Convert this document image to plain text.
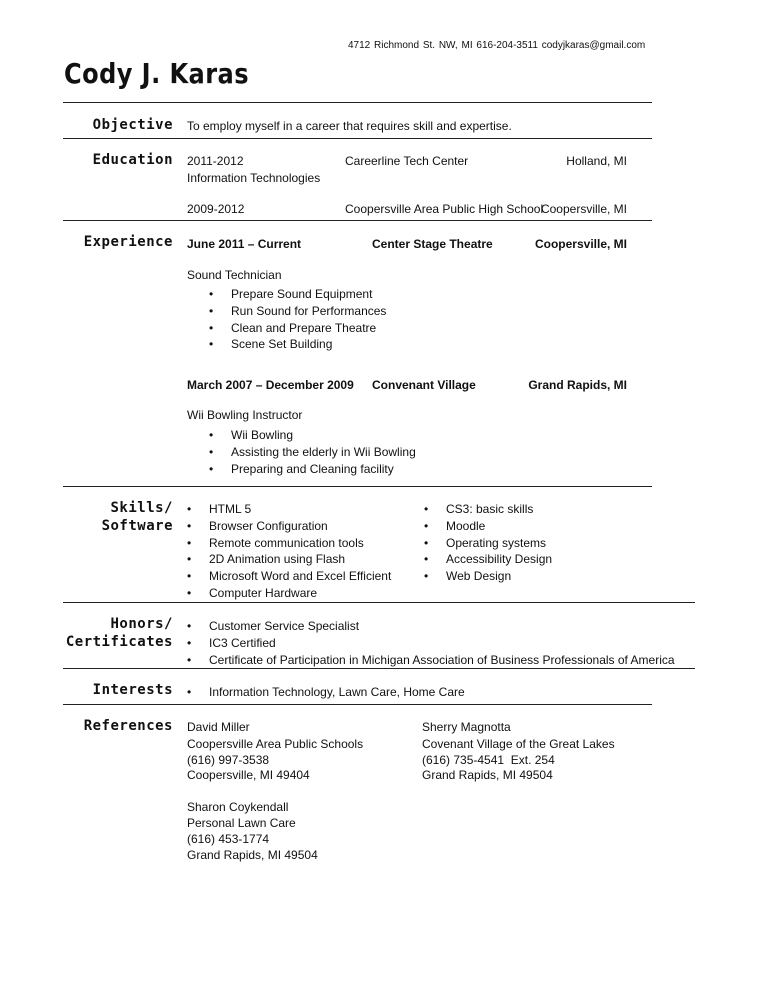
4712 Richmond St. NW, MI 616-204-3511 codyjkaras@gmail.com
Cody J. Karas
Objective To employ myself in a career that requires skill and expertise.
Education 2011-2012
Information Technologies
Careerline Tech Center	Holland, MI
2009-2012	Coopersville Area Public High School
Coopersville, MI
Experience June 2011 – Current	Center Stage Theatre	Coopersville, MI
Sound Technician
• Prepare Sound Equipment
• Run Sound for Performances
• Clean and Prepare Theatre
• Scene Set Building
March 2007 – December 2009 Convenant Village	Grand Rapids, MI
Wii Bowling Instructor
• Wii Bowling
• Assisting the elderly in Wii Bowling
• Preparing and Cleaning facility
Skills/
Software
• HTML 5
• Browser Configuration
• Remote communication tools
• 2D Animation using Flash
• Microsoft Word and Excel Efficient
• Computer Hardware
• CS3: basic skills
• Moodle
• Operating systems
• Accessibility Design
• Web Design
Honors/
Certificates
• Customer Service Specialist
• IC3 Certified
• Certificate of Participation in Michigan Association of Business Professionals of America
Interests
•	Information Technology, Lawn Care, Home Care
References David Miller
Coopersville Area Public Schools
(616) 997-3538
Coopersville, MI 49404
Sherry Magnotta
Covenant Village of the Great Lakes
(616) 735-4541  Ext. 254
Grand Rapids, MI 49504
Sharon Coykendall
Personal Lawn Care
(616) 453-1774
Grand Rapids, MI 49504
